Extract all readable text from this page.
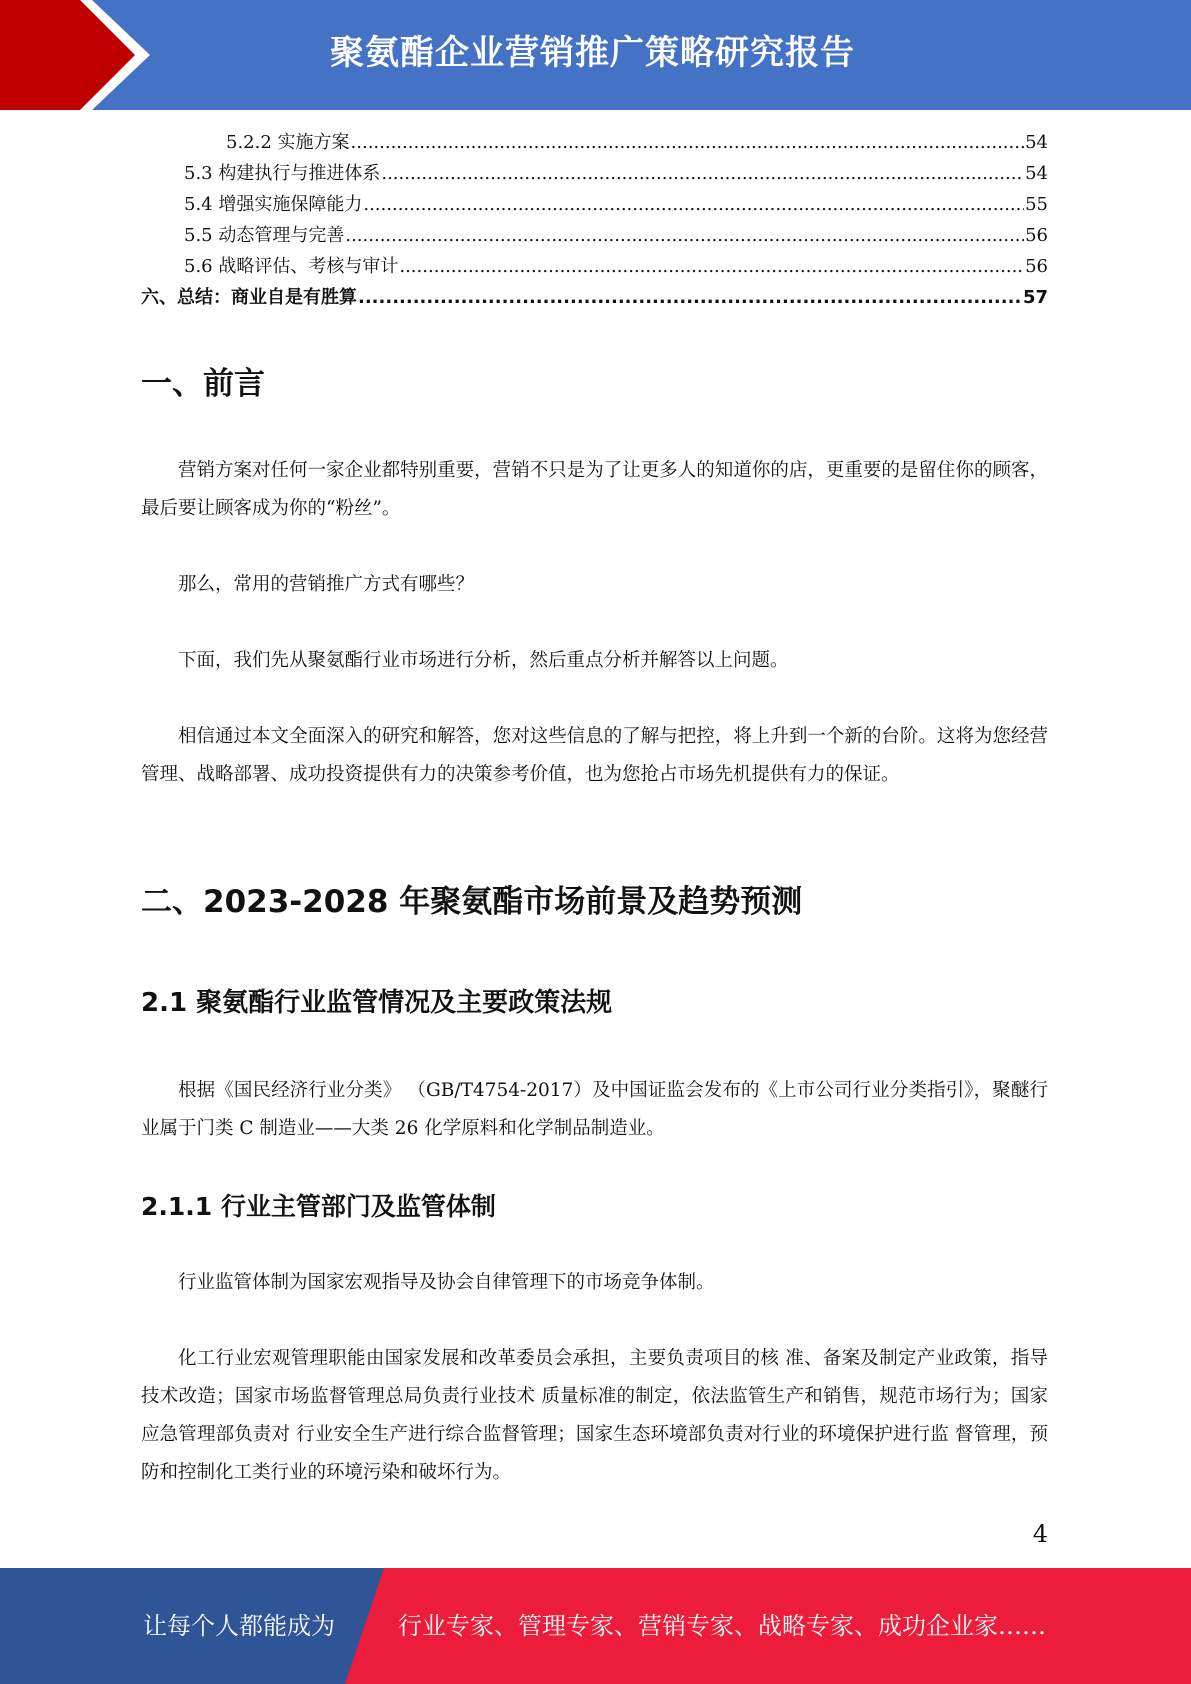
聚氨酯企业营销推广策略研究报告
5.2.2 实施方案 .....	54
5.3 构建执行与推进体系 .....	54
5.4 增强实施保障能力 .....	55
5.5 动态管理与完善 .....	56
5.6 战略评估、考核与审计 .....	56
六、总结：商业自是有胜算 .....	57
一、前言
营销方案对任何一家企业都特别重要，营销不只是为了让更多人的知道你的店，更重要的是留住你的顾客，最后要让顾客成为你的“粉丝”。
那么，常用的营销推广方式有哪些？
下面，我们先从聚氨酯行业市场进行分析，然后重点分析并解答以上问题。
相信通过本文全面深入的研究和解答，您对这些信息的了解与把控，将上升到一个新的台阶。这将为您经营管理、战略部署、成功投资提供有力的决策参考价值，也为您抢占市场先机提供有力的保证。
二、2023-2028 年聚氨酯市场前景及趋势预测
2.1 聚氨酯行业监管情况及主要政策法规
根据《国民经济行业分类》 （GB/T4754-2017）及中国证监会发布的《上市公司行业分类指引》，聚醚行业属于门类 C 制造业——大类 26 化学原料和化学制品制造业。
2.1.1 行业主管部门及监管体制
行业监管体制为国家宏观指导及协会自律管理下的市场竞争体制。
化工行业宏观管理职能由国家发展和改革委员会承担，主要负责项目的核 准、备案及制定产业政策，指导技术改造；国家市场监督管理总局负责行业技术 质量标准的制定，依法监管生产和销售，规范市场行为；国家应急管理部负责对 行业安全生产进行综合监督管理；国家生态环境部负责对行业的环境保护进行监 督管理，预防和控制化工类行业的环境污染和破坏行为。
4
让每个人都能成为	行业专家、管理专家、营销专家、战略专家、成功企业家……
